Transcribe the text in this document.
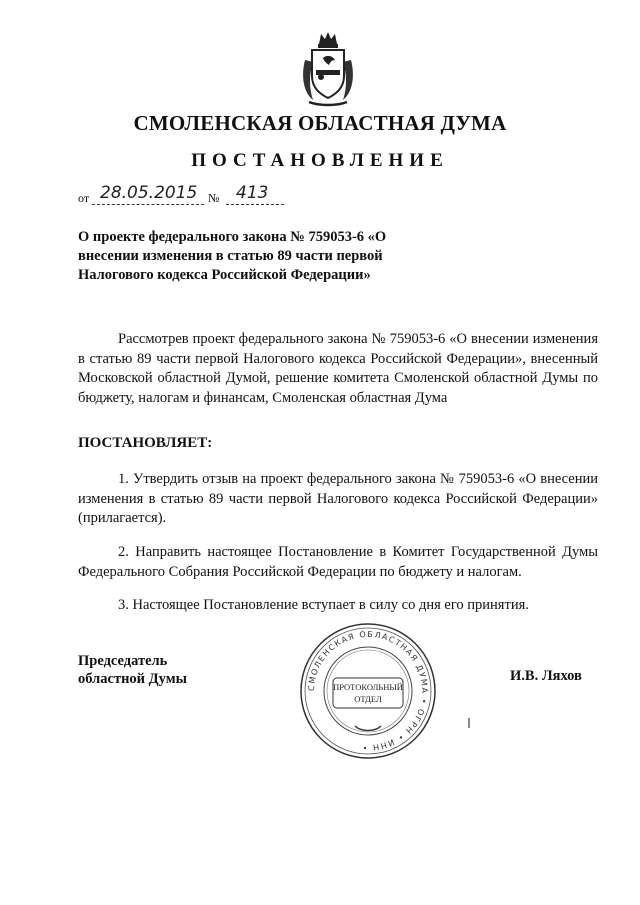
СМОЛЕНСКАЯ ОБЛАСТНАЯ ДУМА
ПОСТАНОВЛЕНИЕ
от 28.05.2015 № 413
О проекте федерального закона № 759053-6 «О внесении изменения в статью 89 части первой Налогового кодекса Российской Федерации»
Рассмотрев проект федерального закона № 759053-6 «О внесении изменения в статью 89 части первой Налогового кодекса Российской Федерации», внесенный Московской областной Думой, решение комитета Смоленской областной Думы по бюджету, налогам и финансам, Смоленская областная Дума
ПОСТАНОВЛЯЕТ:
1. Утвердить отзыв на проект федерального закона № 759053-6 «О внесении изменения в статью 89 части первой Налогового кодекса Российской Федерации» (прилагается).
2. Направить настоящее Постановление в Комитет Государственной Думы Федерального Собрания Российской Федерации по бюджету и налогам.
3. Настоящее Постановление вступает в силу со дня его принятия.
Председатель областной Думы	И.В. Ляхов
СМОЛЕНСКАЯ ОБЛАСТНАЯ ДУМА • ОГРН • ИНН •
ПРОТОКОЛЬНЫЙ
ОТДЕЛ
